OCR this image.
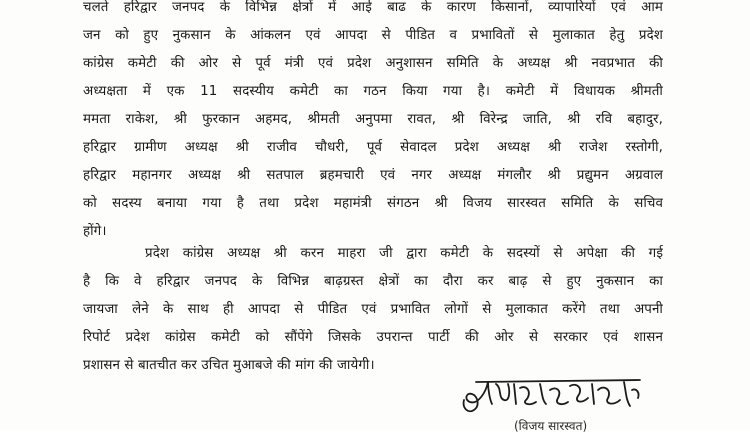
चलते हरिद्वार जनपद के विभिन्न क्षेत्रों में आई बाढ के कारण किसानों, व्यापारियों एवं आम
जन को हुए नुकसान के आंकलन एवं आपदा से पीडित व प्रभावितों से मुलाकात हेतु प्रदेश
कांग्रेस कमेटी की ओर से पूर्व मंत्री एवं प्रदेश अनुशासन समिति के अध्यक्ष श्री नवप्रभात की
अध्यक्षता में एक 11 सदस्यीय कमेटी का गठन किया गया है। कमेटी में विधायक श्रीमती
ममता राकेश, श्री फुरकान अहमद, श्रीमती अनुपमा रावत, श्री विरेन्द्र जाति, श्री रवि बहादुर,
हरिद्वार ग्रामीण अध्यक्ष श्री राजीव चौधरी, पूर्व सेवादल प्रदेश अध्यक्ष श्री राजेश रस्तोगी,
हरिद्वार महानगर अध्यक्ष श्री सतपाल ब्रहमचारी एवं नगर अध्यक्ष मंगलौर श्री प्रद्युमन अग्रवाल
को सदस्य बनाया गया है तथा प्रदेश महामंत्री संगठन श्री विजय सारस्वत समिति के सचिव
होंगे।
प्रदेश कांग्रेस अध्यक्ष श्री करन माहरा जी द्वारा कमेटी के सदस्यों से अपेक्षा की गई
है कि वे हरिद्वार जनपद के विभिन्न बाढ़ग्रस्त क्षेत्रों का दौरा कर बाढ़ से हुए नुकसान का
जायजा लेने के साथ ही आपदा से पीडित एवं प्रभावित लोगों से मुलाकात करेंगे तथा अपनी
रिपोर्ट प्रदेश कांग्रेस कमेटी को सौंपेंगे जिसके उपरान्त पार्टी की ओर से सरकार एवं शासन
प्रशासन से बातचीत कर उचित मुआबजे की मांग की जायेगी।
(विजय सारस्वत)
